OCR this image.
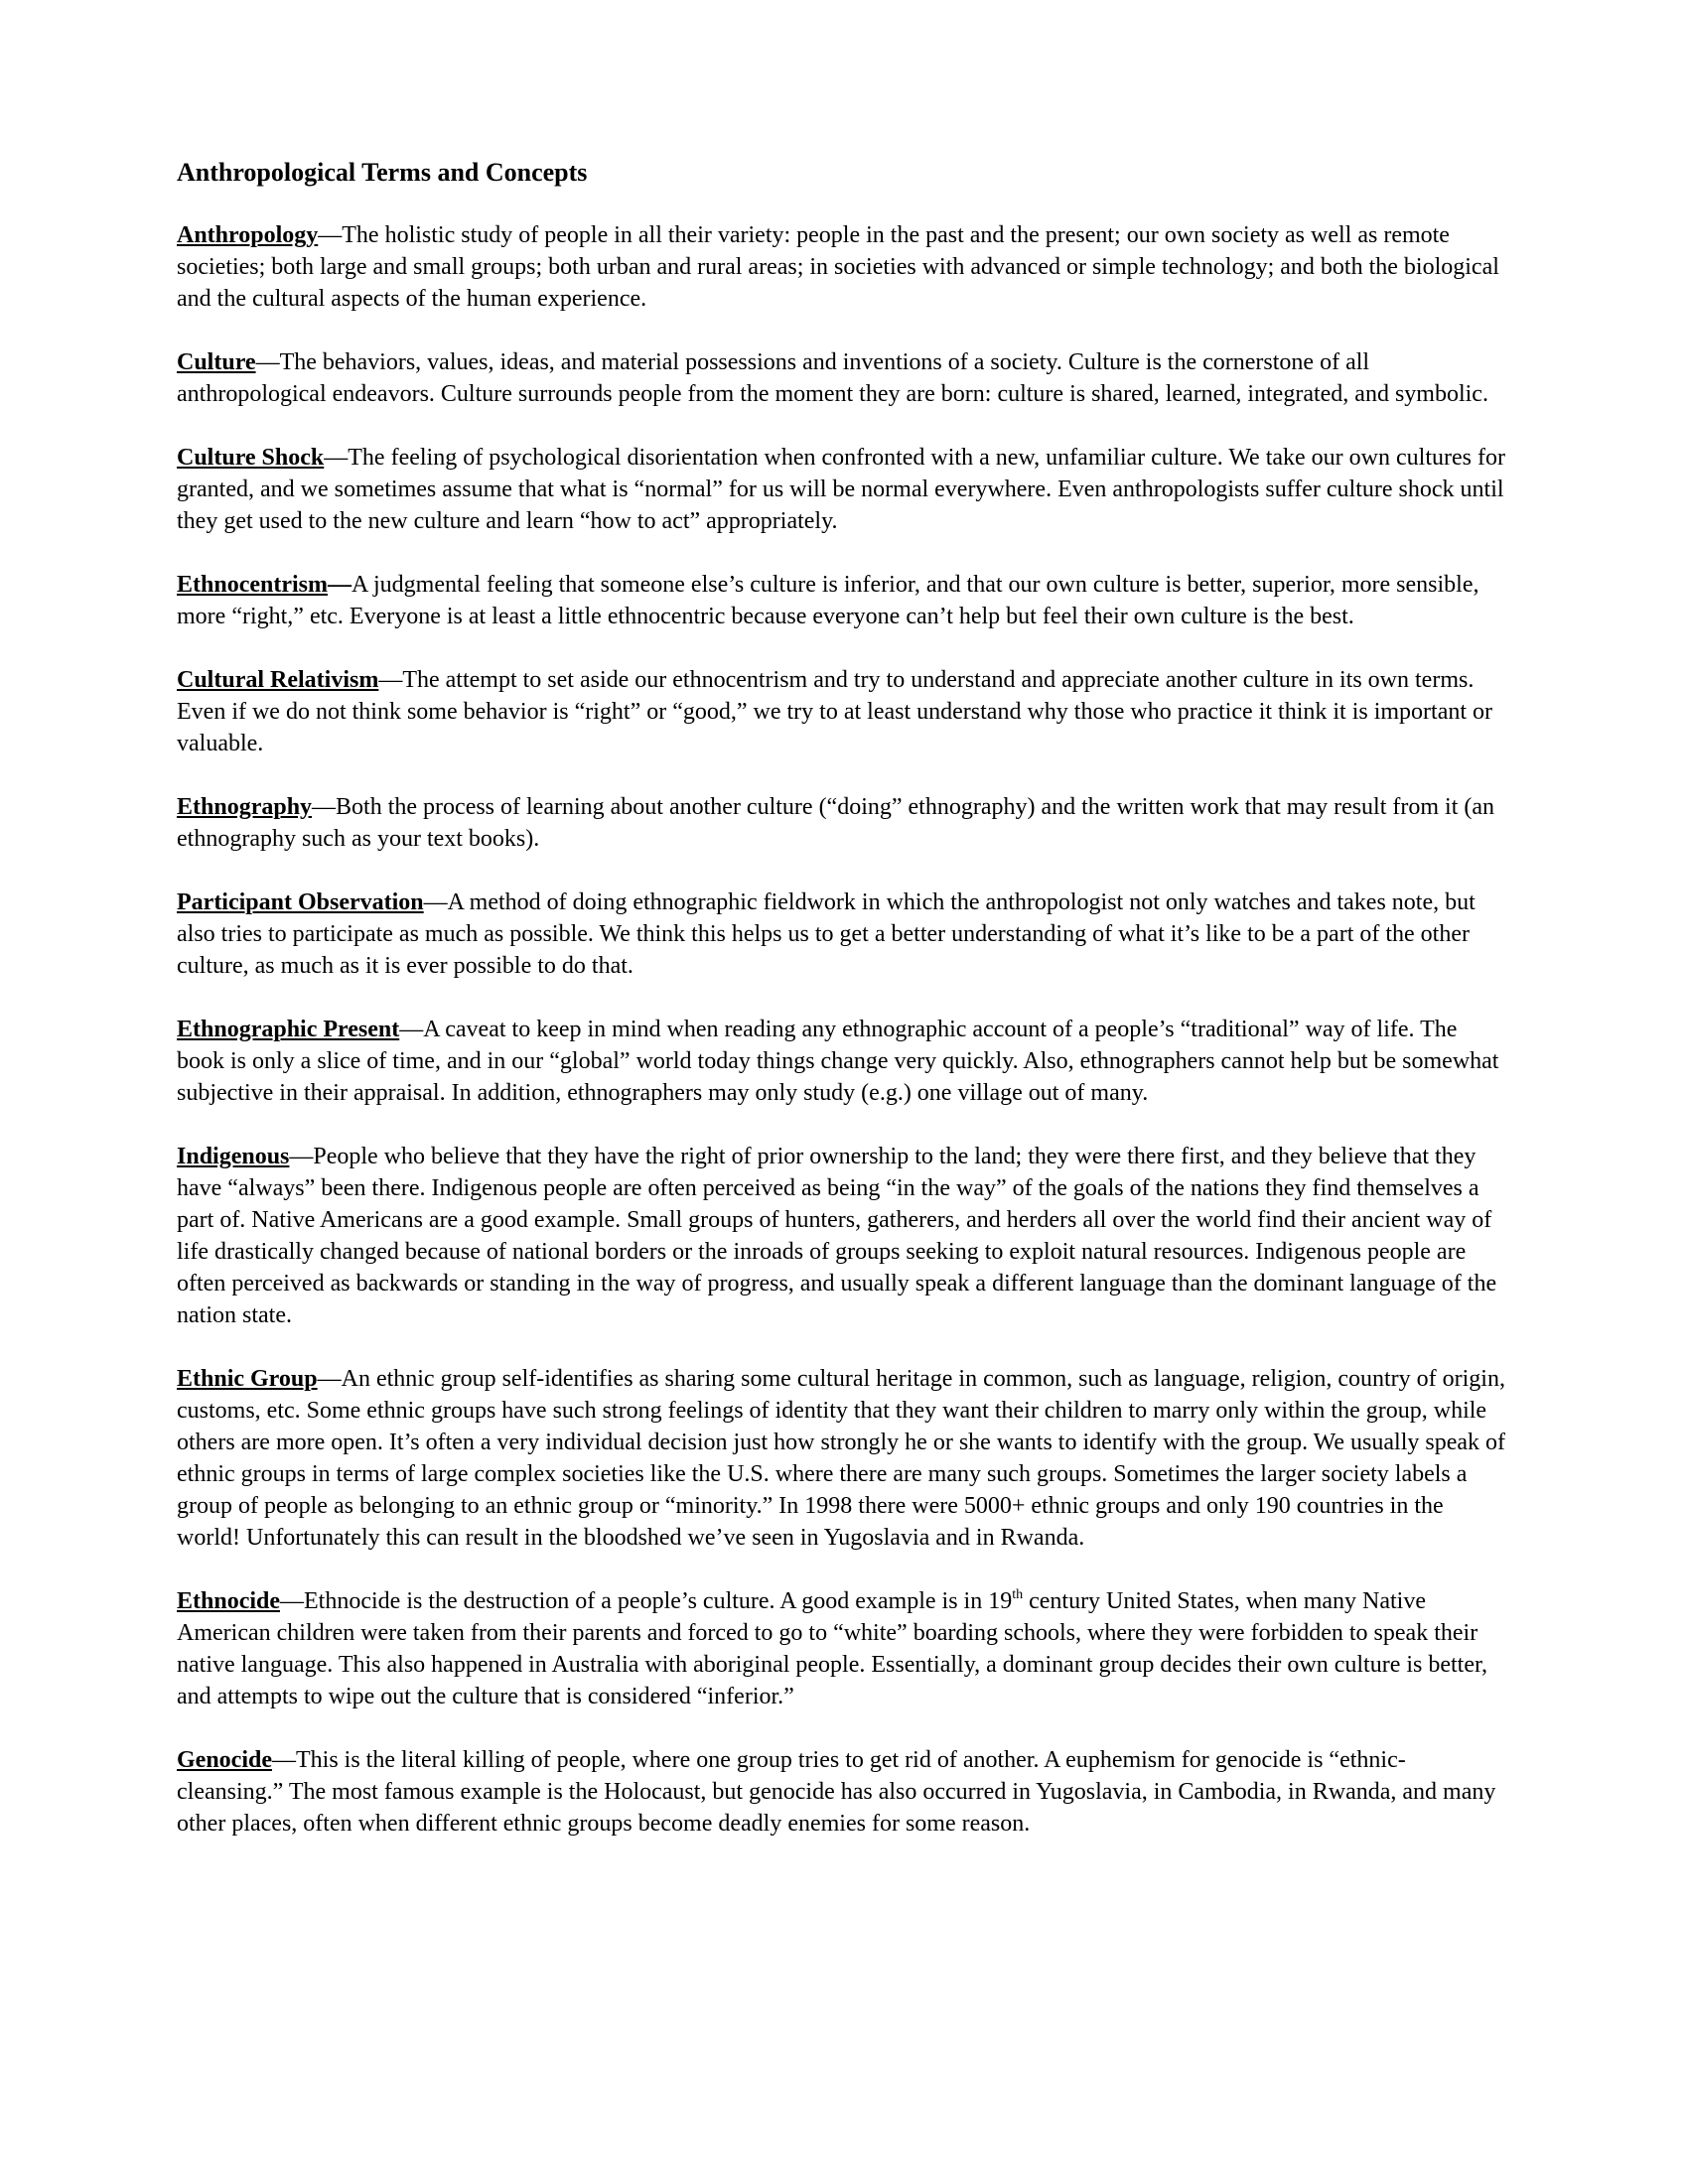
Anthropological Terms and Concepts

Anthropology—The holistic study of people in all their variety: people in the past and the present; our own society as well as remote societies; both large and small groups; both urban and rural areas; in societies with advanced or simple technology; and both the biological and the cultural aspects of the human experience.

Culture—The behaviors, values, ideas, and material possessions and inventions of a society. Culture is the cornerstone of all anthropological endeavors. Culture surrounds people from the moment they are born: culture is shared, learned, integrated, and symbolic.

Culture Shock—The feeling of psychological disorientation when confronted with a new, unfamiliar culture. We take our own cultures for granted, and we sometimes assume that what is “normal” for us will be normal everywhere. Even anthropologists suffer culture shock until they get used to the new culture and learn “how to act” appropriately.

Ethnocentrism—A judgmental feeling that someone else’s culture is inferior, and that our own culture is better, superior, more sensible, more “right,” etc. Everyone is at least a little ethnocentric because everyone can’t help but feel their own culture is the best.

Cultural Relativism—The attempt to set aside our ethnocentrism and try to understand and appreciate another culture in its own terms. Even if we do not think some behavior is “right” or “good,” we try to at least understand why those who practice it think it is important or valuable.

Ethnography—Both the process of learning about another culture (“doing” ethnography) and the written work that may result from it (an ethnography such as your text books).

Participant Observation—A method of doing ethnographic fieldwork in which the anthropologist not only watches and takes note, but also tries to participate as much as possible. We think this helps us to get a better understanding of what it’s like to be a part of the other culture, as much as it is ever possible to do that.

Ethnographic Present—A caveat to keep in mind when reading any ethnographic account of a people’s “traditional” way of life. The book is only a slice of time, and in our “global” world today things change very quickly. Also, ethnographers cannot help but be somewhat subjective in their appraisal. In addition, ethnographers may only study (e.g.) one village out of many.

Indigenous—People who believe that they have the right of prior ownership to the land; they were there first, and they believe that they have “always” been there. Indigenous people are often perceived as being “in the way” of the goals of the nations they find themselves a part of. Native Americans are a good example. Small groups of hunters, gatherers, and herders all over the world find their ancient way of life drastically changed because of national borders or the inroads of groups seeking to exploit natural resources. Indigenous people are often perceived as backwards or standing in the way of progress, and usually speak a different language than the dominant language of the nation state.

Ethnic Group—An ethnic group self-identifies as sharing some cultural heritage in common, such as language, religion, country of origin, customs, etc. Some ethnic groups have such strong feelings of identity that they want their children to marry only within the group, while others are more open. It’s often a very individual decision just how strongly he or she wants to identify with the group. We usually speak of ethnic groups in terms of large complex societies like the U.S. where there are many such groups. Sometimes the larger society labels a group of people as belonging to an ethnic group or “minority.” In 1998 there were 5000+ ethnic groups and only 190 countries in the world! Unfortunately this can result in the bloodshed we’ve seen in Yugoslavia and in Rwanda.

Ethnocide—Ethnocide is the destruction of a people’s culture. A good example is in 19th century United States, when many Native American children were taken from their parents and forced to go to “white” boarding schools, where they were forbidden to speak their native language. This also happened in Australia with aboriginal people. Essentially, a dominant group decides their own culture is better, and attempts to wipe out the culture that is considered “inferior.”

Genocide—This is the literal killing of people, where one group tries to get rid of another. A euphemism for genocide is “ethnic-cleansing.” The most famous example is the Holocaust, but genocide has also occurred in Yugoslavia, in Cambodia, in Rwanda, and many other places, often when different ethnic groups become deadly enemies for some reason.
